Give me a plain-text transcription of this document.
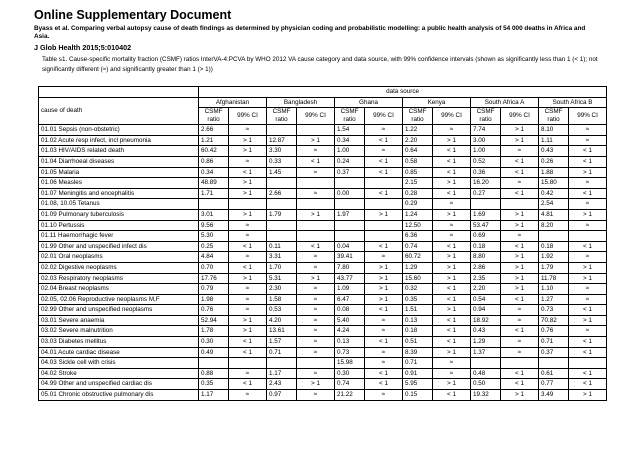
Online Supplementary Document
Byass et al. Comparing verbal autopsy cause of death findings as determined by physician coding and probabilistic modelling: a public health analysis of 54 000 deaths in Africa and Asia.
J Glob Health 2015;5:010402
Table s1. Cause-specific mortality fraction (CSMF) ratios InterVA-4:PCVA by WHO 2012 VA cause category and data source, with 99% confidence intervals (shown as significantly less than 1 (< 1); not significantly different (≈) and significantly greater than 1 (> 1))
	data source											
cause of death	Afghanistan		Bangladesh		Ghana		Kenya		South Africa A		South Africa B	
	CSMF ratio	99% CI	CSMF ratio	99% CI	CSMF ratio	99% CI	CSMF ratio	99% CI	CSMF ratio	99% CI	CSMF ratio	99% CI
01.01 Sepsis (non-obstetric)	2.66	≈			1.54	≈	1.22	≈	7.74	> 1	8.10	≈
01.02 Acute resp infect, incl pneumonia	1.21	> 1	12.87	> 1	0.34	< 1	2.20	> 1	3.00	> 1	1.11	≈
01.03 HIV/AIDS related death	60.42	> 1	3.30	≈	1.00	≈	0.64	< 1	1.00	≈	0.43	< 1
01.04 Diarrhoeal diseases	0.86	≈	0.33	< 1	0.24	< 1	0.58	< 1	0.52	< 1	0.26	< 1
01.05 Malaria	0.34	< 1	1.45	≈	0.37	< 1	0.85	< 1	0.36	< 1	1.88	> 1
01.06 Measles	48.89	> 1					2.15	> 1	16.20	≈	15.80	≈
01.07 Meningitis and encephalitis	1.71	> 1	2.66	≈	0.00	< 1	0.28	< 1	0.27	< 1	0.42	< 1
01.08, 10.05 Tetanus							0.29	≈			2.54	≈
01.09 Pulmonary tuberculosis	3.01	> 1	1.79	> 1	1.97	> 1	1.24	> 1	1.69	> 1	4.81	> 1
01.10 Pertussis	9.56	≈					12.50	≈	53.47	> 1	8.20	≈
01.11 Haemorrhagic fever	5.30	≈					6.36	≈	0.69	≈		
01.99 Other and unspecified infect dis	0.25	< 1	0.11	< 1	0.04	< 1	0.74	< 1	0.18	< 1	0.18	< 1
02.01 Oral neoplasms	4.84	≈	3.31	≈	39.41	≈	60.72	> 1	8.80	> 1	1.92	≈
02.02 Digestive neoplasms	0.70	< 1	1.70	≈	7.80	> 1	1.29	> 1	2.86	> 1	1.79	> 1
02.03 Respiratory neoplasms	17.76	> 1	5.31	> 1	43.77	> 1	15.60	> 1	2.35	> 1	11.78	> 1
02.04 Breast neoplasms	0.79	≈	2.30	≈	1.09	> 1	0.32	< 1	2.20	> 1	1.10	≈
02.05, 02.06 Reproductive neoplasms M,F	1.98	≈	1.58	≈	6.47	> 1	0.35	< 1	0.54	< 1	1.27	≈
02.99 Other and unspecified neoplasms	0.76	≈	0.53	≈	0.08	< 1	1.51	> 1	0.94	≈	0.73	< 1
03.01 Severe anaemia	52.94	> 1	4.20	≈	5.40	≈	0.13	< 1	18.92	≈	70.82	> 1
03.02 Severe malnutrition	1.78	> 1	13.61	≈	4.24	≈	0.18	< 1	0.43	< 1	0.76	≈
03.03 Diabetes mellitus	0.30	< 1	1.57	≈	0.13	< 1	0.51	< 1	1.29	≈	0.71	< 1
04.01 Acute cardiac disease	0.49	< 1	0.71	≈	0.73	≈	8.39	> 1	1.37	≈	0.37	< 1
04.03 Sickle cell with crisis					15.98	≈	0.71	≈				
04.02 Stroke	0.88	≈	1.17	≈	0.30	< 1	0.91	≈	0.48	< 1	0.61	< 1
04.99 Other and unspecified cardiac dis	0.35	< 1	2.43	> 1	0.74	< 1	5.95	> 1	0.50	< 1	0.77	< 1
05.01 Chronic obstructive pulmonary dis	1.17	≈	0.97	≈	21.22	≈	0.15	< 1	19.32	> 1	3.49	> 1
